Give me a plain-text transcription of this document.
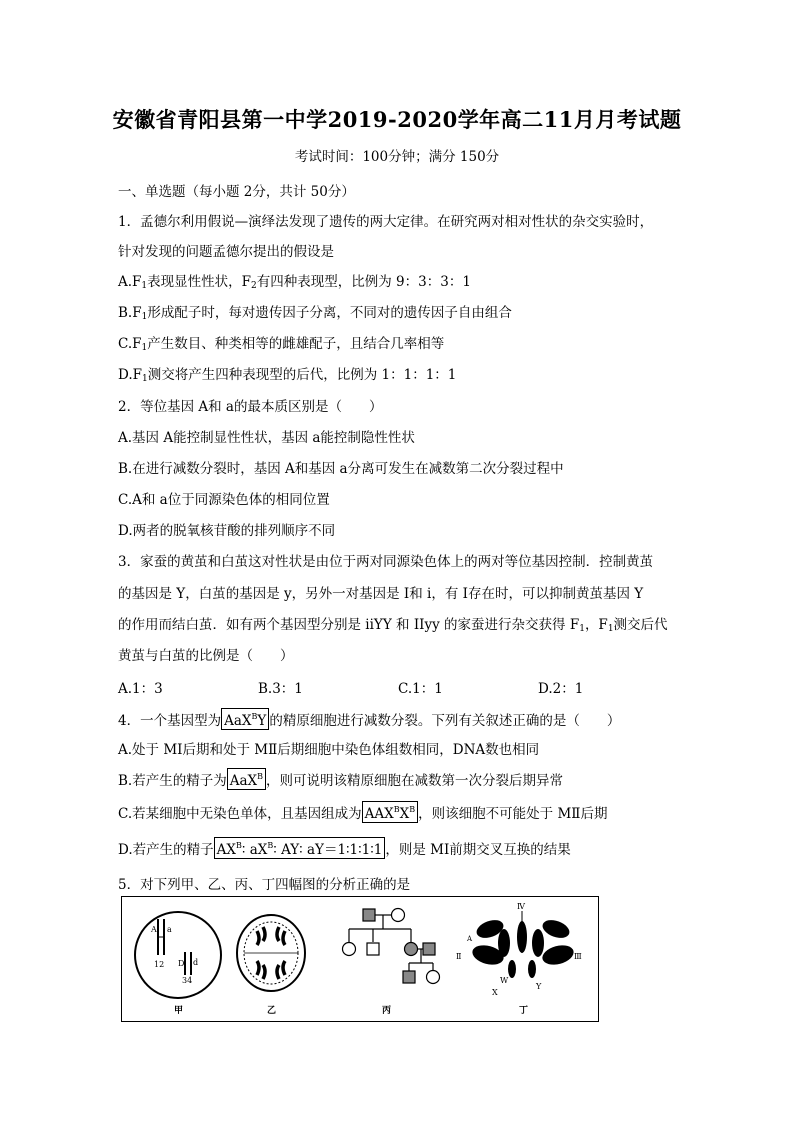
安徽省青阳县第一中学2019-2020学年高二11月月考试题
考试时间：100分钟；满分 150分
一、单选题（每小题 2分，共计 50分）
1．孟德尔利用假说—演绎法发现了遗传的两大定律。在研究两对相对性状的杂交实验时，
针对发现的问题孟德尔提出的假设是
$A.F_1$表现显性性状，$F_2$有四种表现型，比例为 9：3：3：1
$B.F_1$形成配子时，每对遗传因子分离，不同对的遗传因子自由组合
$C.F_1$产生数目、种类相等的雌雄配子，且结合几率相等
$D.F_1$测交将产生四种表现型的后代，比例为 1：1：1：1
2．等位基因 A和 a的最本质区别是（　　）
A.基因 A能控制显性性状，基因 a能控制隐性性状
B.在进行减数分裂时，基因 A和基因 a分离可发生在减数第二次分裂过程中
C.A和 a位于同源染色体的相同位置
D.两者的脱氧核苷酸的排列顺序不同
3．家蚕的黄茧和白茧这对性状是由位于两对同源染色体上的两对等位基因控制．控制黄茧
的基因是 Y，白茧的基因是 y，另外一对基因是 I和 i，有 I存在时，可以抑制黄茧基因 Y
的作用而结白茧．如有两个基因型分别是 iiYY 和 IIyy 的家蚕进行杂交获得 $F_1$，$F_1$测交后代
黄茧与白茧的比例是（　　）
A.1：3	B.3：1	C.1：1	D.2：1
4．一个基因型为 AaX$^B$Y 的精原细胞进行减数分裂。下列有关叙述正确的是（　　）
A.处于 MⅠ后期和处于 MⅡ后期细胞中染色体组数相同，DNA数也相同
B.若产生的精子为 AaX$^B$ ，则可说明该精原细胞在减数第一次分裂后期异常
C.若某细胞中无染色单体，且基因组成为 $AAX^BX^B$ ，则该细胞不可能处于 MⅡ后期
D.若产生的精子 $AX^B∶$ $aX^B∶$ AY∶ aY＝1∶1∶1∶1 ，则是 MⅠ前期交叉互换的结果
5．对下列甲、乙、丙、丁四幅图的分析正确的是
A a
12 D d
34
Ⅳ
Ⅱ	Ⅲ
A
a
W
X
Y
甲	乙	丙	丁
